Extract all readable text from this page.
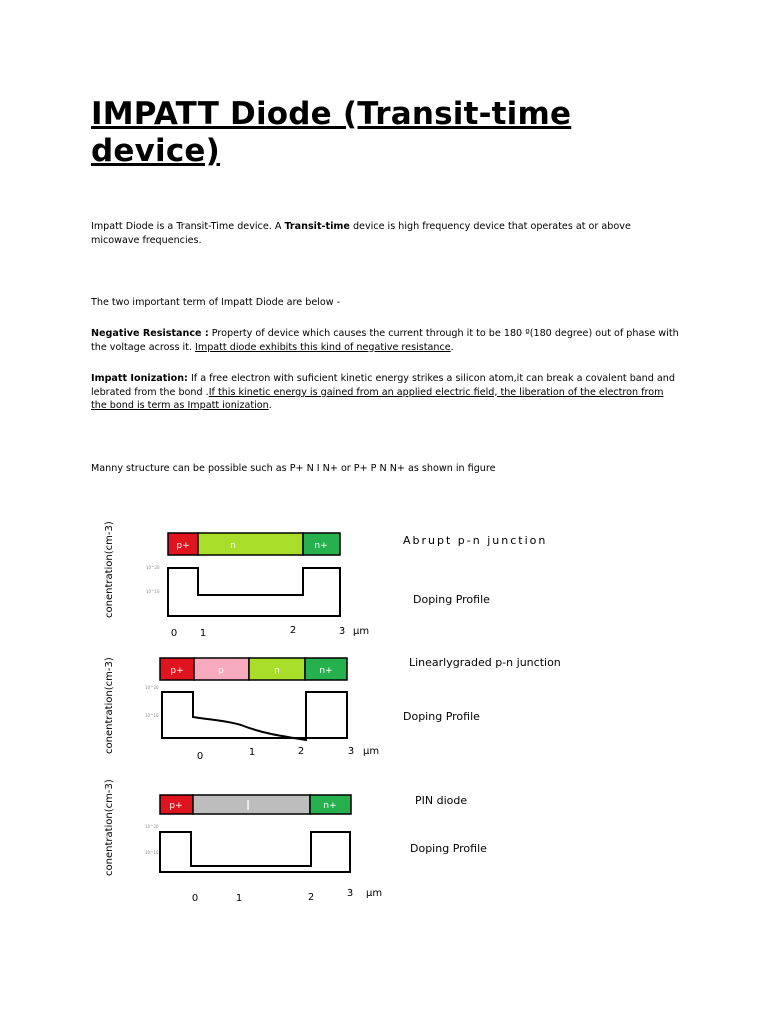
IMPATT Diode (Transit-time device)

Impatt Diode is a Transit-Time device. A Transit-time device is high frequency device that operates at or above micowave frequencies.

The two important term of Impatt Diode are below -

Negative Resistance : Property of device which causes the current through it to be 180 º(180 degree) out of phase with the voltage across it. Impatt diode exhibits this kind of negative resistance.

Impatt Ionization: If a free electron with suficient kinetic energy strikes a silicon atom,it can break a covalent band and lebrated from the bond .If this kinetic energy is gained from an applied electric field, the liberation of the electron from the bond is term as Impatt ionization.

Manny structure can be possible such as P+ N I N+ or P+ P N N+ as shown in figure

conentration(cm-3)	10^20
10^16
p+	n	n+
0 1	2	3 µm
Abrupt p-n junction
Doping Profile
conentration(cm-3)	10^20
10^16
p+	p	n	n+
0	1	2	3 µm
Linearlygraded p-n junction
Doping Profile
conentration(cm-3)	10^20
10^16
p+	I	n+
0	1	2	3 µm
PIN diode
Doping Profile
